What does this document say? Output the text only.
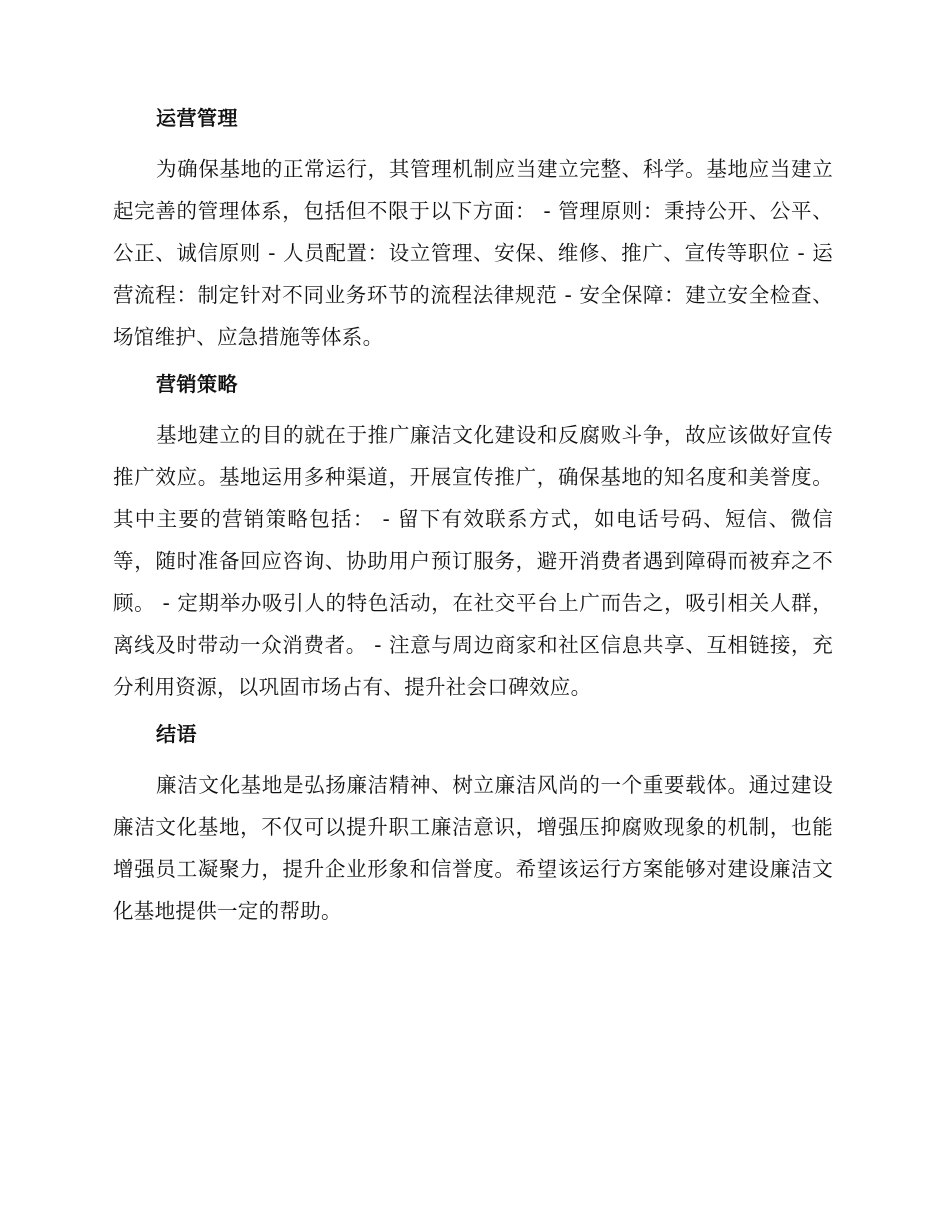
运营管理

为确保基地的正常运行，其管理机制应当建立完整、科学。基地应当建立起完善的管理体系，包括但不限于以下方面： - 管理原则：秉持公开、公平、公正、诚信原则 - 人员配置：设立管理、安保、维修、推广、宣传等职位 - 运营流程：制定针对不同业务环节的流程法律规范 - 安全保障：建立安全检查、场馆维护、应急措施等体系。

营销策略

基地建立的目的就在于推广廉洁文化建设和反腐败斗争，故应该做好宣传推广效应。基地运用多种渠道，开展宣传推广，确保基地的知名度和美誉度。 其中主要的营销策略包括： - 留下有效联系方式，如电话号码、短信、微信等，随时准备回应咨询、协助用户预订服务，避开消费者遇到障碍而被弃之不顾。 - 定期举办吸引人的特色活动，在社交平台上广而告之，吸引相关人群，离线及时带动一众消费者。 - 注意与周边商家和社区信息共享、互相链接，充分利用资源，以巩固市场占有、提升社会口碑效应。

结语

廉洁文化基地是弘扬廉洁精神、树立廉洁风尚的一个重要载体。通过建设廉洁文化基地，不仅可以提升职工廉洁意识，增强压抑腐败现象的机制，也能增强员工凝聚力，提升企业形象和信誉度。希望该运行方案能够对建设廉洁文化基地提供一定的帮助。
